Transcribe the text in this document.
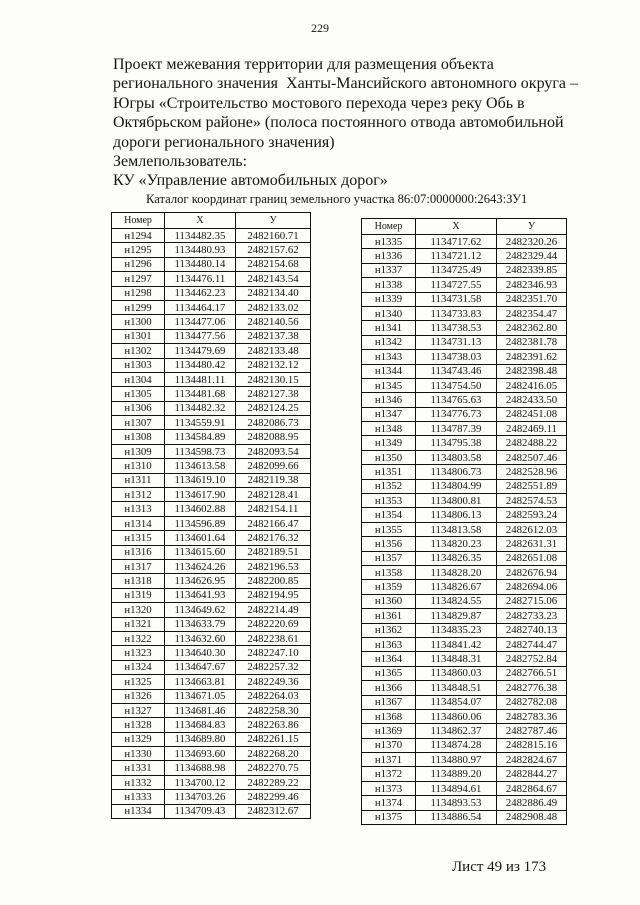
229
Проект межевания территории для размещения объекта
регионального значения  Ханты-Мансийского автономного округа –
Югры «Строительство мостового перехода через реку Обь в
Октябрьском районе» (полоса постоянного отвода автомобильной
дороги регионального значения)
Землепользователь:
КУ «Управление автомобильных дорог»
Каталог координат границ земельного участка 86:07:0000000:2643:ЗУ1
Номер	X	У
н1294	1134482.35	2482160.71
н1295	1134480.93	2482157.62
н1296	1134480.14	2482154.68
н1297	1134476.11	2482143.54
н1298	1134462.23	2482134.40
н1299	1134464.17	2482133.02
н1300	1134477.06	2482140.56
н1301	1134477.56	2482137.38
н1302	1134479.69	2482133.48
н1303	1134480.42	2482132.12
н1304	1134481.11	2482130.15
н1305	1134481.68	2482127.38
н1306	1134482.32	2482124.25
н1307	1134559.91	2482086.73
н1308	1134584.89	2482088.95
н1309	1134598.73	2482093.54
н1310	1134613.58	2482099.66
н1311	1134619.10	2482119.38
н1312	1134617.90	2482128.41
н1313	1134602.88	2482154.11
н1314	1134596.89	2482166.47
н1315	1134601.64	2482176.32
н1316	1134615.60	2482189.51
н1317	1134624.26	2482196.53
н1318	1134626.95	2482200.85
н1319	1134641.93	2482194.95
н1320	1134649.62	2482214.49
н1321	1134633.79	2482220.69
н1322	1134632.60	2482238.61
н1323	1134640.30	2482247.10
н1324	1134647.67	2482257.32
н1325	1134663.81	2482249.36
н1326	1134671.05	2482264.03
н1327	1134681.46	2482258.30
н1328	1134684.83	2482263.86
н1329	1134689.80	2482261.15
н1330	1134693.60	2482268.20
н1331	1134688.98	2482270.75
н1332	1134700.12	2482289.22
н1333	1134703.26	2482299.46
н1334	1134709.43	2482312.67
Номер	X	У
н1335	1134717.62	2482320.26
н1336	1134721.12	2482329.44
н1337	1134725.49	2482339.85
н1338	1134727.55	2482346.93
н1339	1134731.58	2482351.70
н1340	1134733.83	2482354.47
н1341	1134738.53	2482362.80
н1342	1134731.13	2482381.78
н1343	1134738.03	2482391.62
н1344	1134743.46	2482398.48
н1345	1134754.50	2482416.05
н1346	1134765.63	2482433.50
н1347	1134776.73	2482451.08
н1348	1134787.39	2482469.11
н1349	1134795.38	2482488.22
н1350	1134803.58	2482507.46
н1351	1134806.73	2482528.96
н1352	1134804.99	2482551.89
н1353	1134800.81	2482574.53
н1354	1134806.13	2482593.24
н1355	1134813.58	2482612.03
н1356	1134820.23	2482631.31
н1357	1134826.35	2482651.08
н1358	1134828.20	2482676.94
н1359	1134826.67	2482694.06
н1360	1134824.55	2482715.06
н1361	1134829.87	2482733.23
н1362	1134835.23	2482740.13
н1363	1134841.42	2482744.47
н1364	1134848.31	2482752.84
н1365	1134860.03	2482766.51
н1366	1134848.51	2482776.38
н1367	1134854.07	2482782.08
н1368	1134860.06	2482783.36
н1369	1134862.37	2482787.46
н1370	1134874.28	2482815.16
н1371	1134880.97	2482824.67
н1372	1134889.20	2482844.27
н1373	1134894.61	2482864.67
н1374	1134893.53	2482886.49
н1375	1134886.54	2482908.48
Лист 49 из 173
